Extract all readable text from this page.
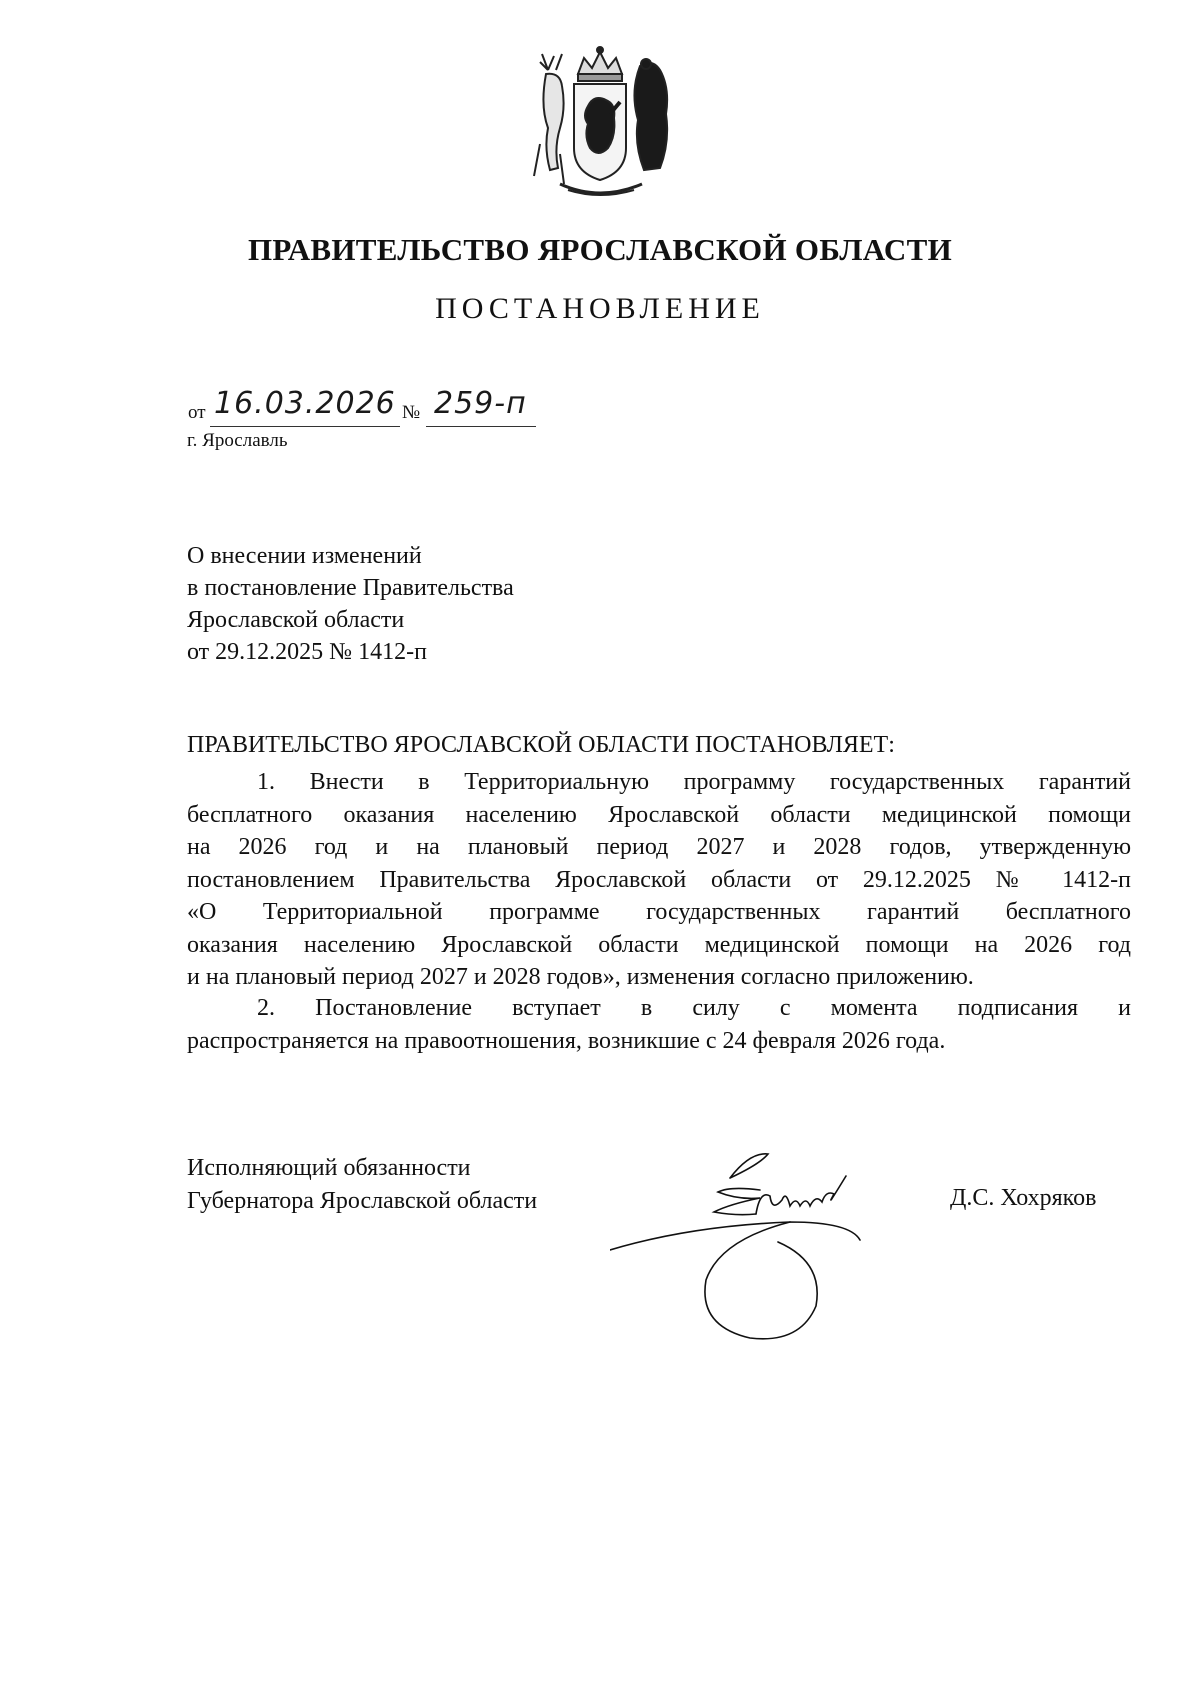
ПРАВИТЕЛЬСТВО ЯРОСЛАВСКОЙ ОБЛАСТИ
ПОСТАНОВЛЕНИЕ
от 16.03.2026 № 259-п
г. Ярославль
О внесении изменений
в постановление Правительства
Ярославской области
от 29.12.2025 № 1412-п
ПРАВИТЕЛЬСТВО ЯРОСЛАВСКОЙ ОБЛАСТИ ПОСТАНОВЛЯЕТ:
1. Внести в Территориальную программу государственных гарантий
бесплатного оказания населению Ярославской области медицинской помощи
на 2026 год и на плановый период 2027 и 2028 годов, утвержденную
постановлением Правительства Ярославской области от 29.12.2025 № 1412-п
«О Территориальной программе государственных гарантий бесплатного
оказания населению Ярославской области медицинской помощи на 2026 год
и на плановый период 2027 и 2028 годов», изменения согласно приложению.
2. Постановление вступает в силу с момента подписания и
распространяется на правоотношения, возникшие с 24 февраля 2026 года.
Исполняющий обязанности
Губернатора Ярославской области	Д.С. Хохряков
